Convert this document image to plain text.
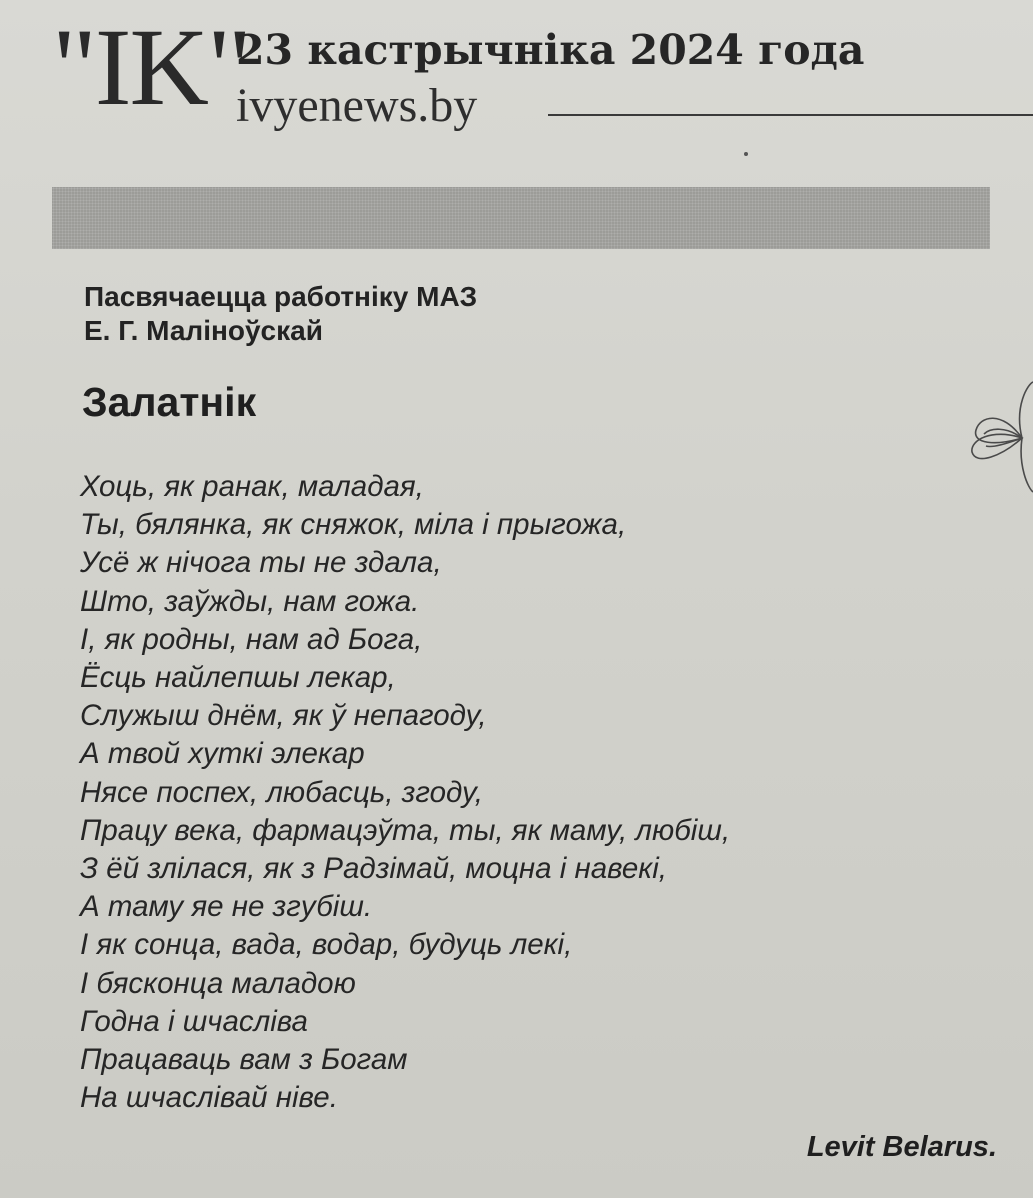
"IK"
23 кастрычніка 2024 года
ivyenews.by
Пасвячаецца работніку МАЗ
Е. Г. Маліноўскай
Залатнік
Хоць, як ранак, маладая,
Ты, бялянка, як сняжок, міла і прыгожа,
Усё ж нічога ты не здала,
Што, заўжды, нам гожа.
І, як родны, нам ад Бога,
Ёсць найлепшы лекар,
Служыш днём, як ў непагоду,
А твой хуткі элекар
Нясе поспех, любасць, згоду,
Працу века, фармацэўта, ты, як маму, любіш,
З ёй злілася, як з Радзімай, моцна і навекі,
А таму яе не згубіш.
І як сонца, вада, водар, будуць лекі,
І бясконца маладою
Годна і шчасліва
Працаваць вам з Богам
На шчаслівай ніве.
Levit Belarus.
